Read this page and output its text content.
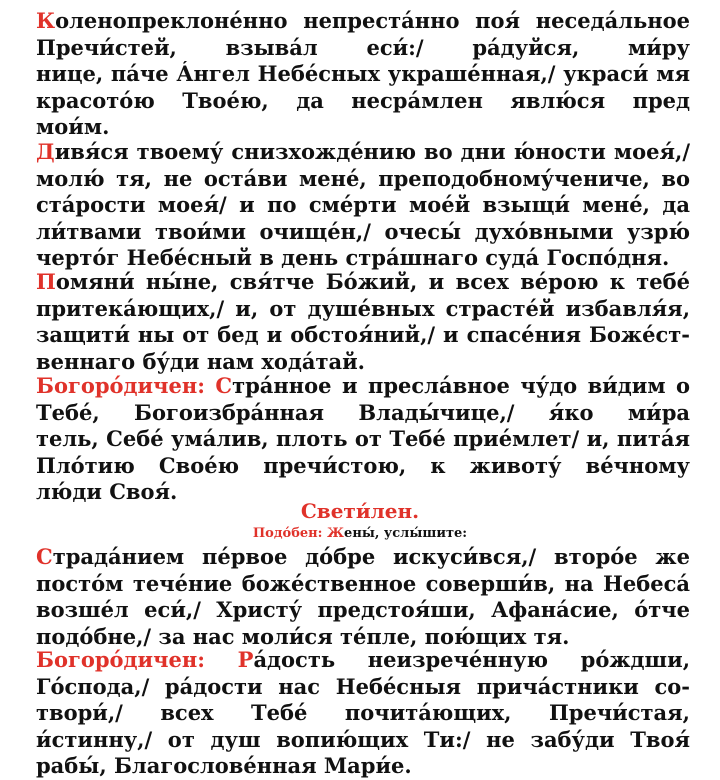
Коленопреклоне́нно непреста́нно поя́ неседа́льное
Пречи́стей, взыва́л еси́:/ ра́дуйся, ми́ру
нице, па́че А́нгел Небе́сных украше́нная,/ украси́ мя
красото́ю Твое́ю, да несра́млен явлю́ся пред
мои́м.
Дивя́ся твоему́ снизхожде́нию во дни ю́ности моея́,/
молю́ тя, не оста́ви мене́, преподобному́чениче, во
ста́рости моея́/ и по сме́рти мое́й взыщи́ мене́, да
ли́твами твои́ми очище́н,/ очесы́ духо́вными узрю́
черто́г Небе́сный в день стра́шнаго суда́ Госпо́дня.
Помяни́ ны́не, свя́тче Бо́жий, и всех ве́рою к тебе́
притека́ющих,/ и, от душе́вных страсте́й избавля́я,
защити́ ны от бед и обстоя́ний,/ и спасе́ния Боже́ст-
веннаго бу́ди нам хода́тай.
Богоро́дичен: Стра́нное и пресла́вное чу́до ви́дим о
Тебе́, Богоизбра́нная Влады́чице,/ я́ко ми́ра
тель, Себе́ ума́лив, плоть от Тебе́ прие́млет/ и, пита́я
Пло́тию Свое́ю пречи́стою, к животу́ ве́чному
лю́ди Своя́.
Свети́лен.
Подо́бен: Жены́, услы́шите:
Страда́нием пе́рвое до́бре искуси́вся,/ второ́е же
посто́м тече́ние боже́ственное соверши́в, на Небеса́
возше́л еси́,/ Христу́ предстоя́ши, Афана́сие, о́тче
подо́бне,/ за нас моли́ся те́пле, пою́щих тя.
Богоро́дичен: Ра́дость неизрече́нную ро́ждши,
Го́спода,/ ра́дости нас Небе́сныя прича́стники со-
твори́,/ всех Тебе́ почита́ющих, Пречи́стая,
и́стинну,/ от душ вопию́щих Ти:/ не забу́ди Твоя́
рабы́, Благослове́нная Мари́е.
